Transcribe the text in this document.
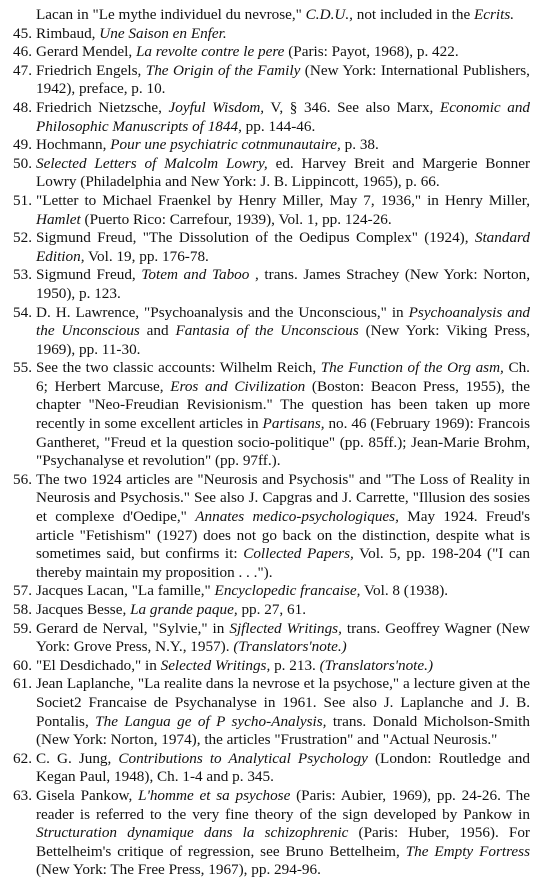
Lacan in "Le mythe individuel du nevrose," C.D.U., not included in the Ecrits.
45. Rimbaud, Une Saison en Enfer.
46. Gerard Mendel, La revolte contre le pere (Paris: Payot, 1968), p. 422.
47. Friedrich Engels, The Origin of the Family (New York: International Publishers, 1942), preface, p. 10.
48. Friedrich Nietzsche, Joyful Wisdom, V, § 346. See also Marx, Economic and Philosophic Manuscripts of 1844, pp. 144-46.
49. Hochmann, Pour une psychiatric cotnmunautaire, p. 38.
50. Selected Letters of Malcolm Lowry, ed. Harvey Breit and Margerie Bonner Lowry (Philadelphia and New York: J. B. Lippincott, 1965), p. 66.
51. "Letter to Michael Fraenkel by Henry Miller, May 7, 1936," in Henry Miller, Hamlet (Puerto Rico: Carrefour, 1939), Vol. 1, pp. 124-26.
52. Sigmund Freud, "The Dissolution of the Oedipus Complex" (1924), Standard Edition, Vol. 19, pp. 176-78.
53. Sigmund Freud, Totem and Taboo , trans. James Strachey (New York: Norton, 1950), p. 123.
54. D. H. Lawrence, "Psychoanalysis and the Unconscious," in Psychoanalysis and the Unconscious and Fantasia of the Unconscious (New York: Viking Press, 1969), pp. 11-30.
55. See the two classic accounts: Wilhelm Reich, The Function of the Org asm, Ch. 6; Herbert Marcuse, Eros and Civilization (Boston: Beacon Press, 1955), the chapter "Neo-Freudian Revisionism." The question has been taken up more recently in some excellent articles in Partisans, no. 46 (February 1969): Francois Gantheret, "Freud et la question socio-politique" (pp. 85ff.); Jean-Marie Brohm, "Psychanalyse et revolution" (pp. 97ff.).
56. The two 1924 articles are "Neurosis and Psychosis" and "The Loss of Reality in Neurosis and Psychosis." See also J. Capgras and J. Carrette, "Illusion des sosies et complexe d'Oedipe," Annates medico-psychologiques, May 1924. Freud's article "Fetishism" (1927) does not go back on the distinction, despite what is sometimes said, but confirms it: Collected Papers, Vol. 5, pp. 198-204 ("I can thereby maintain my proposition . . .").
57. Jacques Lacan, "La famille," Encyclopedic francaise, Vol. 8 (1938).
58. Jacques Besse, La grande paque, pp. 27, 61.
59. Gerard de Nerval, "Sylvie," in Sjflected Writings, trans. Geoffrey Wagner (New York: Grove Press, N.Y., 1957). (Translators'note.)
60. "El Desdichado," in Selected Writings, p. 213. (Translators'note.)
61. Jean Laplanche, "La realite dans la nevrose et la psychose," a lecture given at the Societ2 Francaise de Psychanalyse in 1961. See also J. Laplanche and J. B. Pontalis, The Langua ge of P sycho-Analysis, trans. Donald Micholson-Smith (New York: Norton, 1974), the articles "Frustration" and "Actual Neurosis."
62. C. G. Jung, Contributions to Analytical Psychology (London: Routledge and Kegan Paul, 1948), Ch. 1-4 and p. 345.
63. Gisela Pankow, L'homme et sa psychose (Paris: Aubier, 1969), pp. 24-26. The reader is referred to the very fine theory of the sign developed by Pankow in Structuration dynamique dans la schizophrenic (Paris: Huber, 1956). For Bettelheim's critique of regression, see Bruno Bettelheim, The Empty Fortress (New York: The Free Press, 1967), pp. 294-96.
